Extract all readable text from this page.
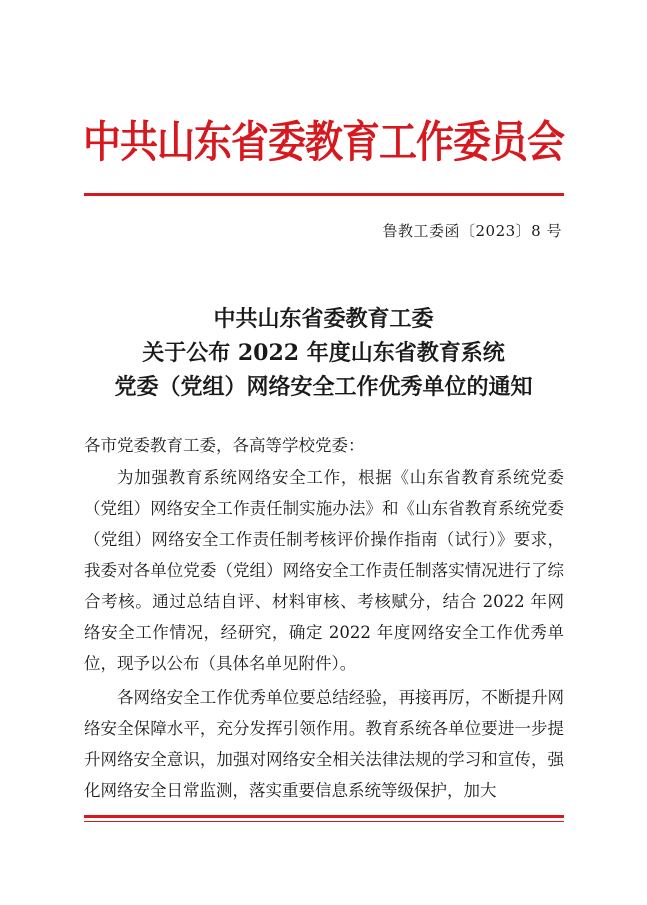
中共山东省委教育工作委员会
鲁教工委函〔2023〕8 号
中共山东省委教育工委
关于公布 2022 年度山东省教育系统
党委（党组）网络安全工作优秀单位的通知
各市党委教育工委，各高等学校党委：

为加强教育系统网络安全工作，根据《山东省教育系统党委（党组）网络安全工作责任制实施办法》和《山东省教育系统党委（党组）网络安全工作责任制考核评价操作指南（试行）》要求，我委对各单位党委（党组）网络安全工作责任制落实情况进行了综合考核。通过总结自评、材料审核、考核赋分，结合 2022 年网络安全工作情况，经研究，确定 2022 年度网络安全工作优秀单位，现予以公布（具体名单见附件）。

各网络安全工作优秀单位要总结经验，再接再厉，不断提升网络安全保障水平，充分发挥引领作用。教育系统各单位要进一步提升网络安全意识，加强对网络安全相关法律法规的学习和宣传，强化网络安全日常监测，落实重要信息系统等级保护，加大
